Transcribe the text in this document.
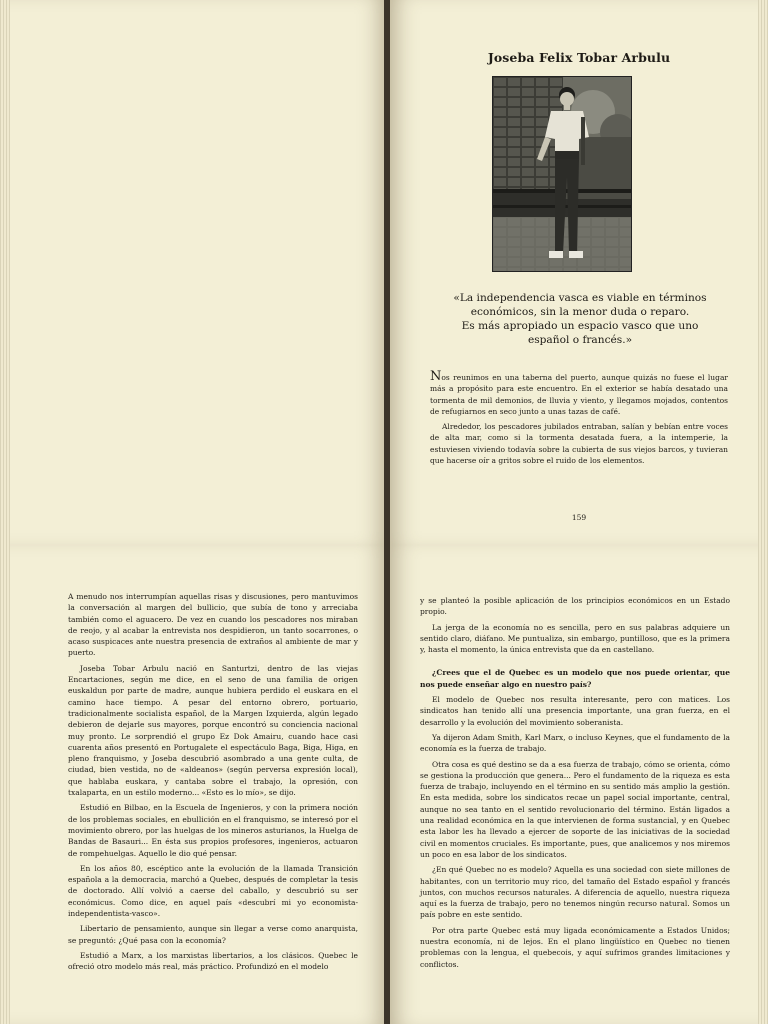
Joseba Felix Tobar Arbulu
«La independencia vasca es viable en términos
económicos, sin la menor duda o reparo.
Es más apropiado un espacio vasco que uno
español o francés.»

Nos reunimos en una taberna del puerto, aunque quizás no fuese el lugar más a propósito para este encuentro. En el exterior se había desatado una tormenta de mil demonios, de lluvia y viento, y llegamos mojados, contentos de refugiarnos en seco junto a unas tazas de café.

Alrededor, los pescadores jubilados entraban, salían y bebían entre voces de alta mar, como si la tormenta desatada fuera, a la intemperie, la estuviesen viviendo todavía sobre la cubierta de sus viejos barcos, y tuvieran que hacerse oír a gritos sobre el ruido de los elementos.

159

A menudo nos interrumpían aquellas risas y discusiones, pero mantuvimos la conversación al margen del bullicio, que subía de tono y arreciaba también como el aguacero. De vez en cuando los pescadores nos miraban de reojo, y al acabar la entrevista nos despidieron, un tanto socarrones, o acaso suspicaces ante nuestra presencia de extraños al ambiente de mar y puerto.

Joseba Tobar Arbulu nació en Santurtzi, dentro de las viejas Encartaciones, según me dice, en el seno de una familia de origen euskaldun por parte de madre, aunque hubiera perdido el euskara en el camino hace tiempo. A pesar del entorno obrero, portuario, tradicionalmente socialista español, de la Margen Izquierda, algún legado debieron de dejarle sus mayores, porque encontró su conciencia nacional muy pronto. Le sorprendió el grupo Ez Dok Amairu, cuando hace casi cuarenta años presentó en Portugalete el espectáculo Baga, Biga, Higa, en pleno franquismo, y Joseba descubrió asombrado a una gente culta, de ciudad, bien vestida, no de «aldeanos» (según perversa expresión local), que hablaba euskara, y cantaba sobre el trabajo, la opresión, con txalaparta, en un estilo moderno... «Esto es lo mío», se dijo.

Estudió en Bilbao, en la Escuela de Ingenieros, y con la primera noción de los problemas sociales, en ebullición en el franquismo, se interesó por el movimiento obrero, por las huelgas de los mineros asturianos, la Huelga de Bandas de Basauri... En ésta sus propios profesores, ingenieros, actuaron de rompehuelgas. Aquello le dio qué pensar.

En los años 80, escéptico ante la evolución de la llamada Transición española a la democracia, marchó a Quebec, después de completar la tesis de doctorado. Allí volvió a caerse del caballo, y descubrió su ser económicus. Como dice, en aquel país «descubrí mi yo economista-independentista-vasco».

Libertario de pensamiento, aunque sin llegar a verse como anarquista, se preguntó: ¿Qué pasa con la economía?

Estudió a Marx, a los marxistas libertarios, a los clásicos. Quebec le ofreció otro modelo más real, más práctico. Profundizó en el modelo

y se planteó la posible aplicación de los principios económicos en un Estado propio.

La jerga de la economía no es sencilla, pero en sus palabras adquiere un sentido claro, diáfano. Me puntualiza, sin embargo, puntilloso, que es la primera y, hasta el momento, la única entrevista que da en castellano.

¿Crees que el de Quebec es un modelo que nos puede orientar, que nos puede enseñar algo en nuestro país?

El modelo de Quebec nos resulta interesante, pero con matices. Los sindicatos han tenido allí una presencia importante, una gran fuerza, en el desarrollo y la evolución del movimiento soberanista.

Ya dijeron Adam Smith, Karl Marx, o incluso Keynes, que el fundamento de la economía es la fuerza de trabajo.

Otra cosa es qué destino se da a esa fuerza de trabajo, cómo se orienta, cómo se gestiona la producción que genera... Pero el fundamento de la riqueza es esta fuerza de trabajo, incluyendo en el término en su sentido más amplio la gestión. En esta medida, sobre los sindicatos recae un papel social importante, central, aunque no sea tanto en el sentido revolucionario del término. Están ligados a una realidad económica en la que intervienen de forma sustancial, y en Quebec esta labor les ha llevado a ejercer de soporte de las iniciativas de la sociedad civil en momentos cruciales. Es importante, pues, que analicemos y nos miremos un poco en esa labor de los sindicatos.

¿En qué Quebec no es modelo? Aquella es una sociedad con siete millones de habitantes, con un territorio muy rico, del tamaño del Estado español y francés juntos, con muchos recursos naturales. A diferencia de aquello, nuestra riqueza aquí es la fuerza de trabajo, pero no tenemos ningún recurso natural. Somos un país pobre en este sentido.

Por otra parte Quebec está muy ligada económicamente a Estados Unidos; nuestra economía, ni de lejos. En el plano lingüístico en Quebec no tienen problemas con la lengua, el quebecois, y aquí sufrimos grandes limitaciones y conflictos.
